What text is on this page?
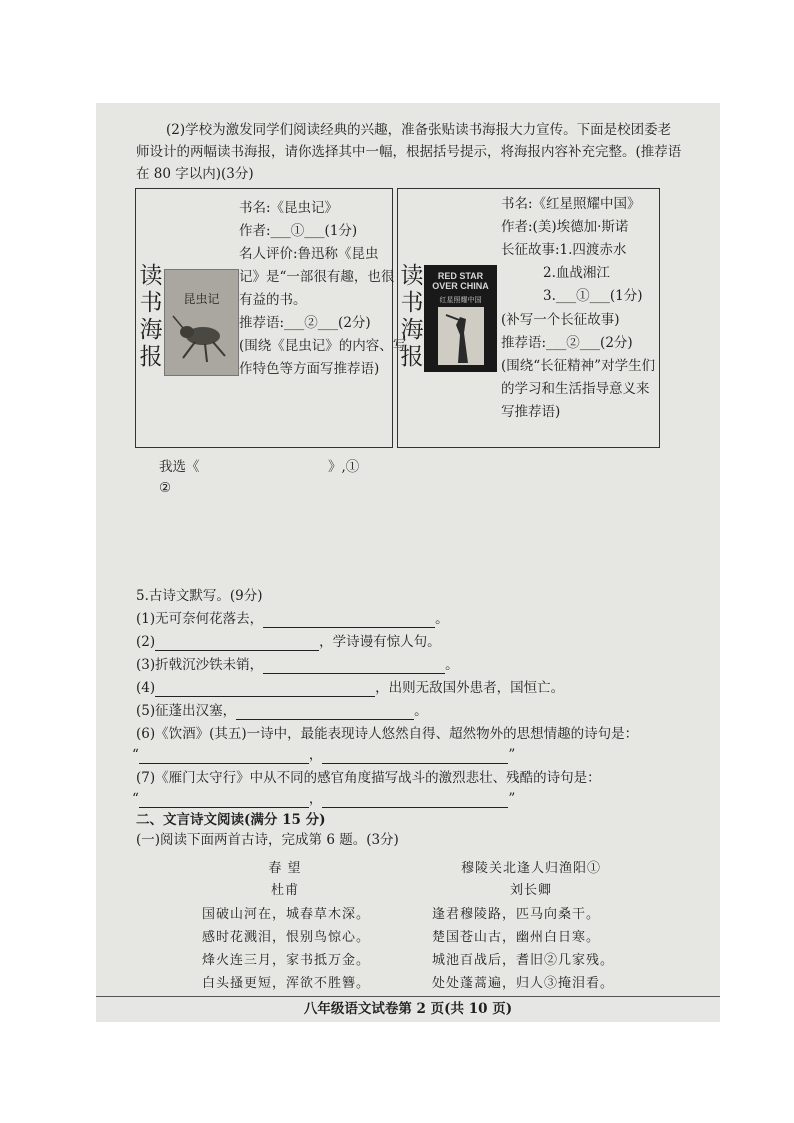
(2)学校为激发同学们阅读经典的兴趣，准备张贴读书海报大力宣传。下面是校团委老
师设计的两幅读书海报，请你选择其中一幅，根据括号提示，将海报内容补充完整。(推荐语
在 80 字以内)(3分)
读书海报
昆虫记
书名:《昆虫记》
作者:___①___(1分)
名人评价:鲁迅称《昆虫
记》是“一部很有趣，也很
有益的书。
推荐语:___②___(2分)
(围绕《昆虫记》的内容、写
作特色等方面写推荐语)
读书海报
RED STAR OVER CHINA
红星照耀中国
书名:《红星照耀中国》
作者:(美)埃德加·斯诺
长征故事:1.四渡赤水
2.血战湘江
3.___①___(1分)
(补写一个长征故事)
推荐语:___②___(2分)
(围绕“长征精神”对学生们
的学习和生活指导意义来
写推荐语)
我选《	》,①
②
5.古诗文默写。(9分)
(1)无可奈何花落去，	。
(2)	，学诗谩有惊人句。
(3)折戟沉沙铁未销，	。
(4)	，出则无敌国外患者，国恒亡。
(5)征蓬出汉塞，	。
(6)《饮酒》(其五)一诗中，最能表现诗人悠然自得、超然物外的思想情趣的诗句是：
“	，	”
(7)《雁门太守行》中从不同的感官角度描写战斗的激烈悲壮、残酷的诗句是：
“	，	”
二、文言诗文阅读(满分 15 分)
(一)阅读下面两首古诗，完成第 6 题。(3分)
春 望
杜甫
国破山河在，城春草木深。
感时花溅泪，恨别鸟惊心。
烽火连三月，家书抵万金。
白头搔更短，浑欲不胜簪。
穆陵关北逢人归渔阳①
刘长卿
逢君穆陵路，匹马向桑干。
楚国苍山古，幽州白日寒。
城池百战后，耆旧②几家残。
处处蓬蒿遍，归人③掩泪看。
八年级语文试卷第 2 页(共 10 页)
